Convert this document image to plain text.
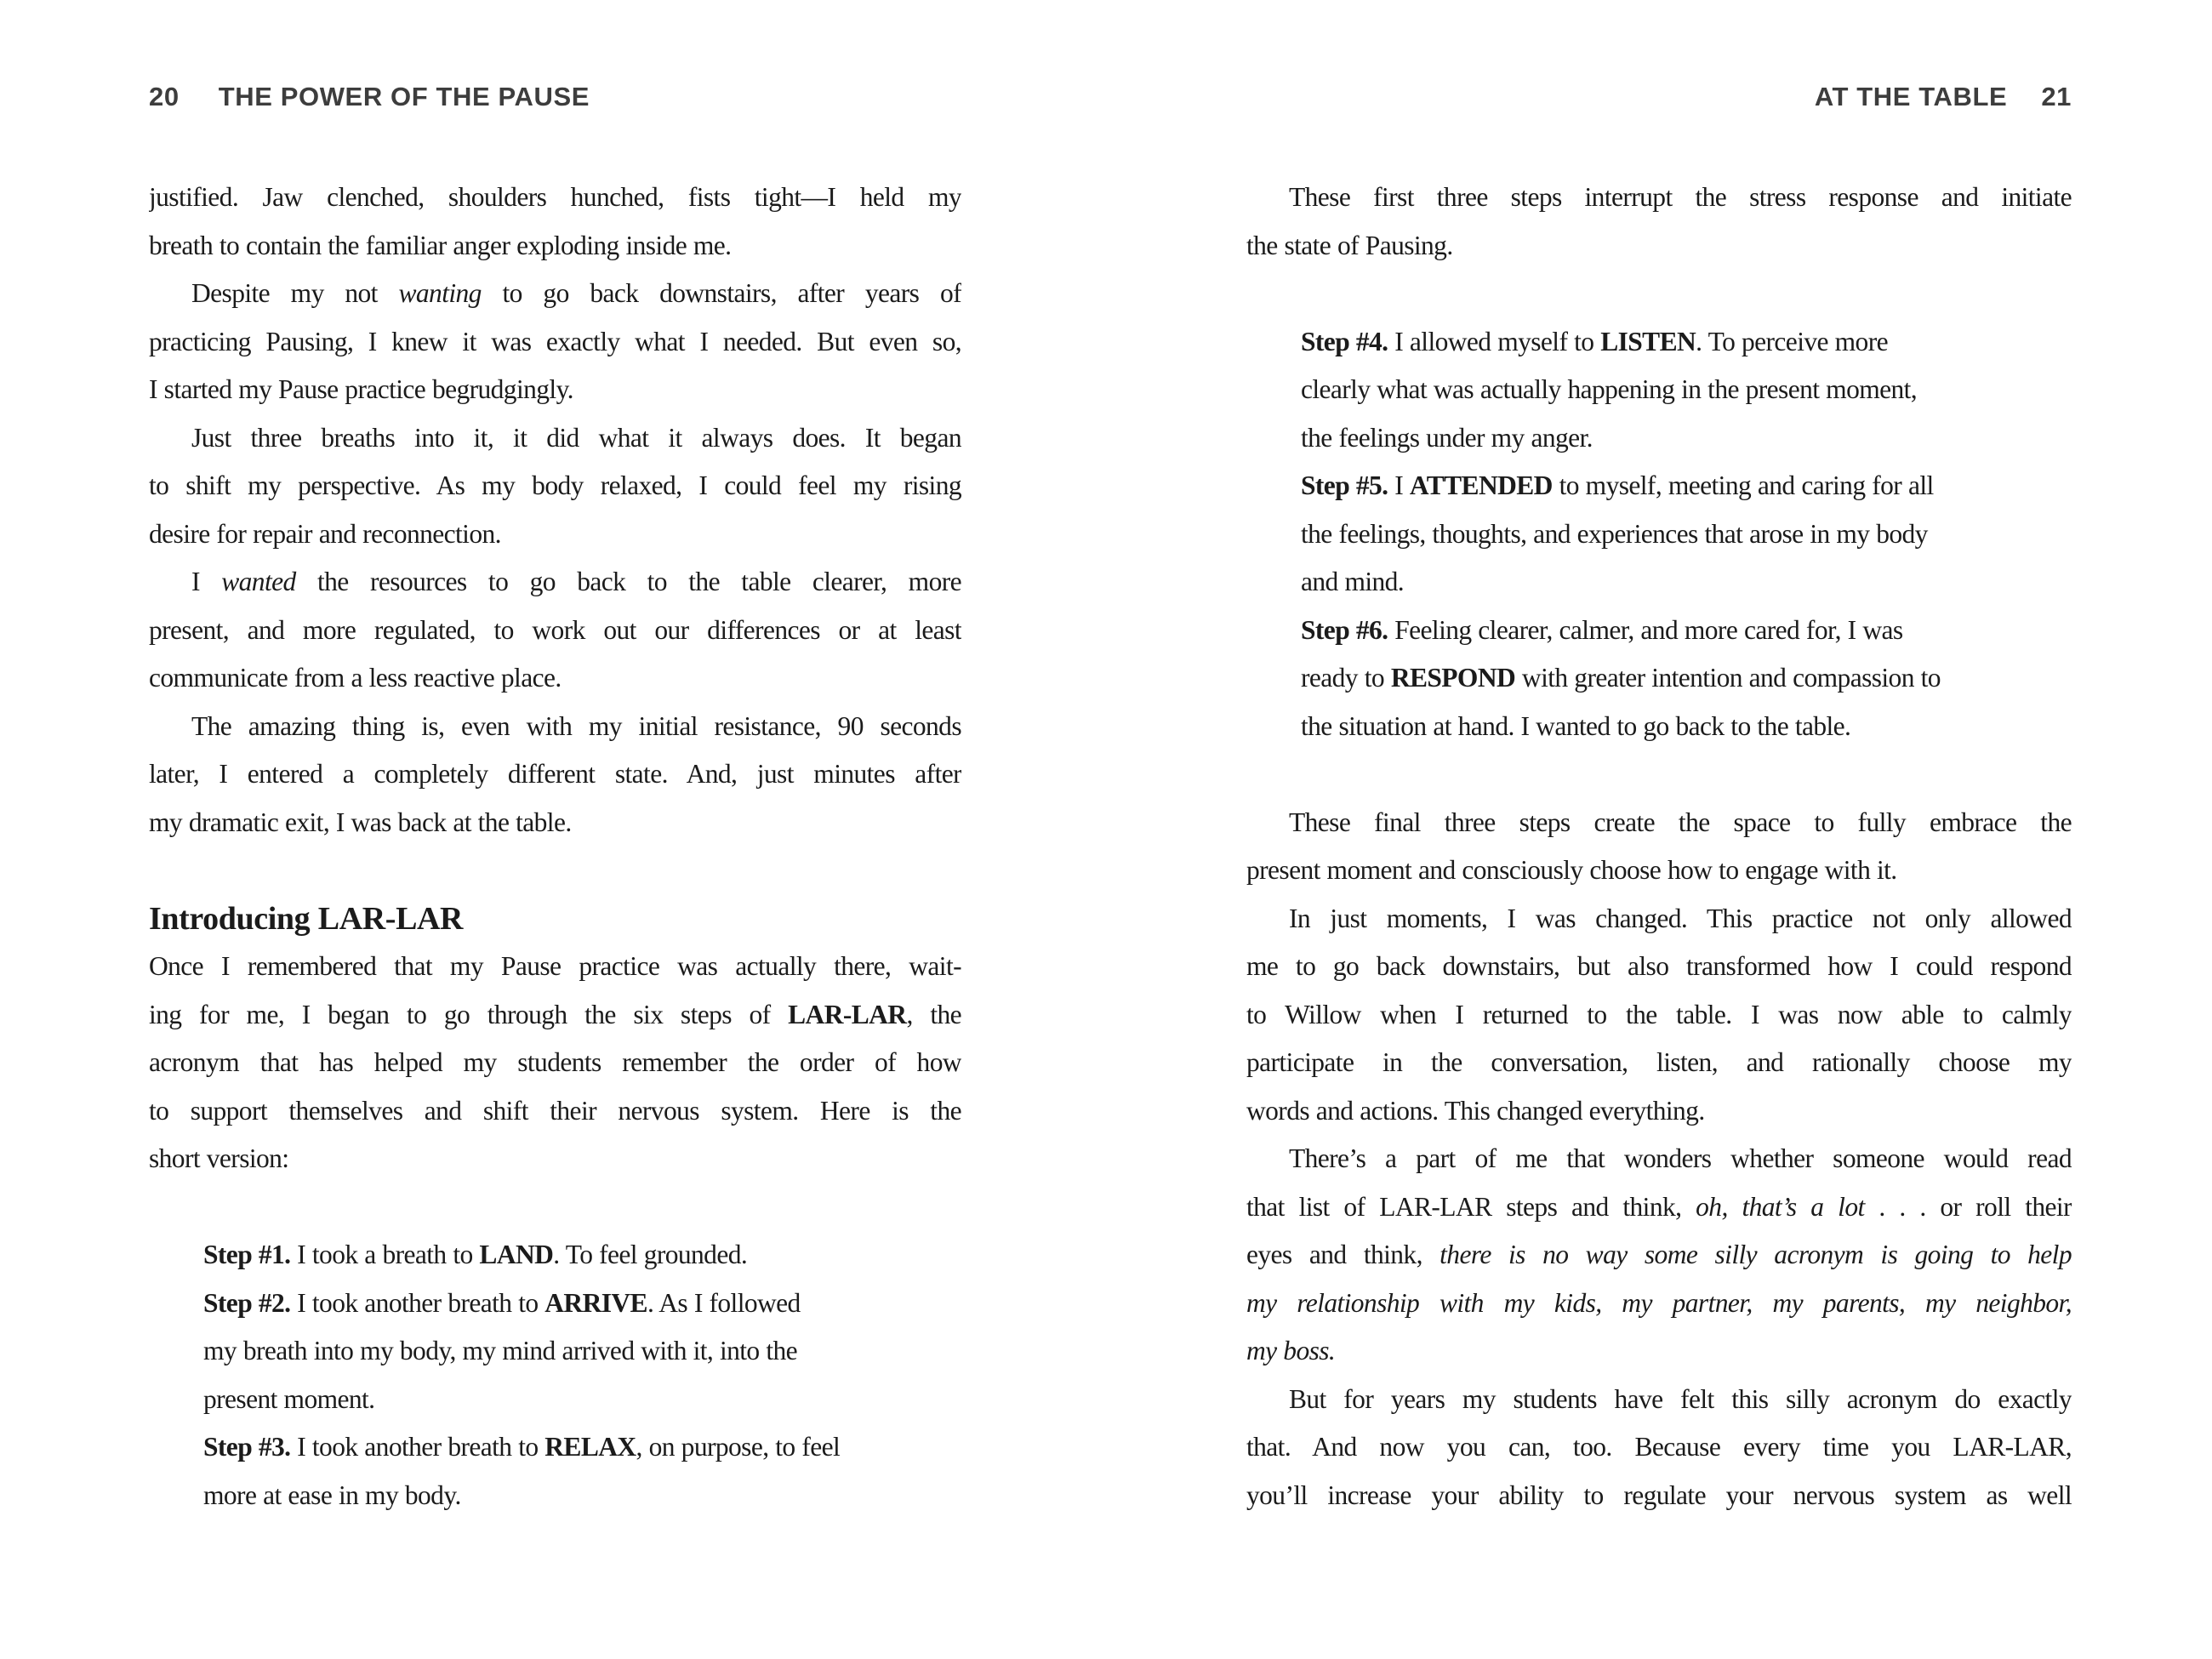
20 THE POWER OF THE PAUSE
justified. Jaw clenched, shoulders hunched, fists tight—I held my
breath to contain the familiar anger exploding inside me.
Despite my not wanting to go back downstairs, after years of
practicing Pausing, I knew it was exactly what I needed. But even so,
I started my Pause practice begrudgingly.
Just three breaths into it, it did what it always does. It began
to shift my perspective. As my body relaxed, I could feel my rising
desire for repair and reconnection.
I wanted the resources to go back to the table clearer, more
present, and more regulated, to work out our differences or at least
communicate from a less reactive place.
The amazing thing is, even with my initial resistance, 90 seconds
later, I entered a completely different state. And, just minutes after
my dramatic exit, I was back at the table.
Introducing LAR-LAR
Once I remembered that my Pause practice was actually there, wait-
ing for me, I began to go through the six steps of LAR-LAR, the
acronym that has helped my students remember the order of how
to support themselves and shift their nervous system. Here is the
short version:
Step #1. I took a breath to LAND. To feel grounded.
Step #2. I took another breath to ARRIVE. As I followed
my breath into my body, my mind arrived with it, into the
present moment.
Step #3. I took another breath to RELAX, on purpose, to feel
more at ease in my body.
AT THE TABLE 21
These first three steps interrupt the stress response and initiate
the state of Pausing.
Step #4. I allowed myself to LISTEN. To perceive more
clearly what was actually happening in the present moment,
the feelings under my anger.
Step #5. I ATTENDED to myself, meeting and caring for all
the feelings, thoughts, and experiences that arose in my body
and mind.
Step #6. Feeling clearer, calmer, and more cared for, I was
ready to RESPOND with greater intention and compassion to
the situation at hand. I wanted to go back to the table.
These final three steps create the space to fully embrace the
present moment and consciously choose how to engage with it.
In just moments, I was changed. This practice not only allowed
me to go back downstairs, but also transformed how I could respond
to Willow when I returned to the table. I was now able to calmly
participate in the conversation, listen, and rationally choose my
words and actions. This changed everything.
There’s a part of me that wonders whether someone would read
that list of LAR-LAR steps and think, oh, that’s a lot . . . or roll their
eyes and think, there is no way some silly acronym is going to help
my relationship with my kids, my partner, my parents, my neighbor,
my boss.
But for years my students have felt this silly acronym do exactly
that. And now you can, too. Because every time you LAR-LAR,
you’ll increase your ability to regulate your nervous system as well
